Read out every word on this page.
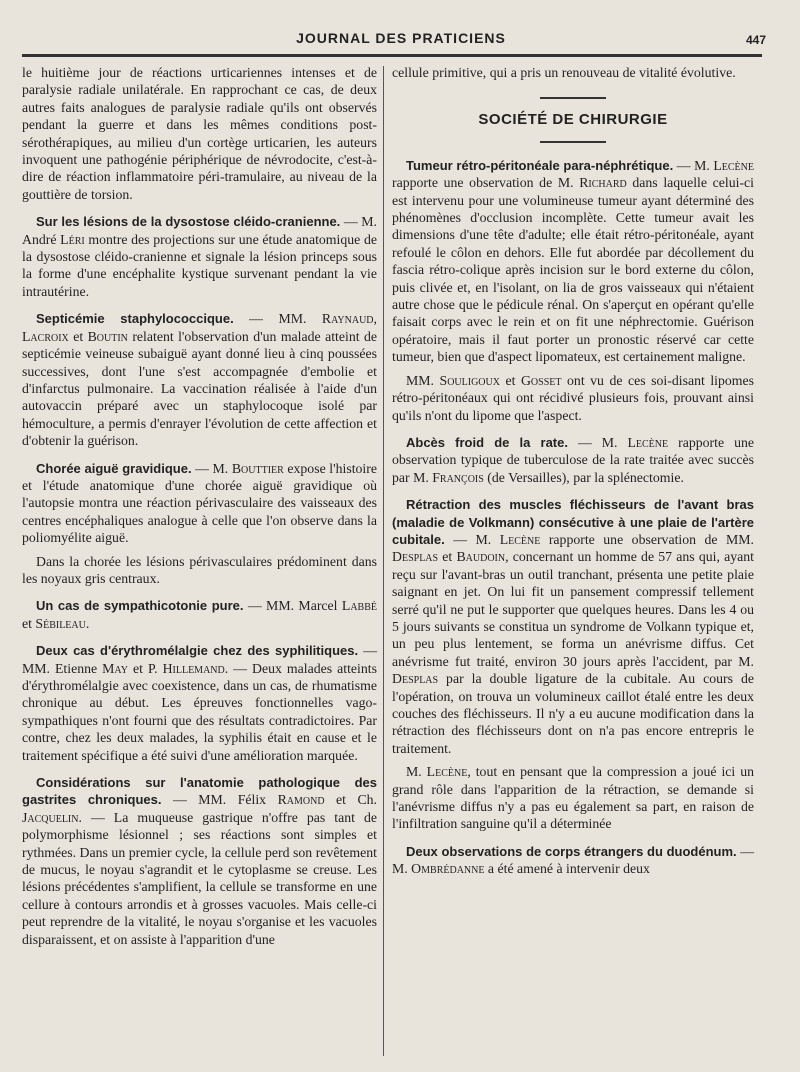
JOURNAL DES PRATICIENS	447

le huitième jour de réactions urticariennes intenses et de paralysie radiale unilatérale. En rapprochant ce cas, de deux autres faits analogues de paralysie radiale qu'ils ont observés pendant la guerre et dans les mêmes conditions post-sérothérapiques, au milieu d'un cortège urticarien, les auteurs invoquent une pathogénie périphérique de névrodocite, c'est-à-dire de réaction inflammatoire péri-tramulaire, au niveau de la gouttière de torsion.

Sur les lésions de la dysostose cléido-cranienne. — M. André Léri montre des projections sur une étude anatomique de la dysostose cléido-cranienne et signale la lésion princeps sous la forme d'une encéphalite kystique survenant pendant la vie intrautérine.

Septicémie staphylococcique. — MM. Raynaud, Lacroix et Boutin relatent l'observation d'un malade atteint de septicémie veineuse subaiguë ayant donné lieu à cinq poussées successives, dont l'une s'est accompagnée d'embolie et d'infarctus pulmonaire. La vaccination réalisée à l'aide d'un autovaccin préparé avec un staphylocoque isolé par hémoculture, a permis d'enrayer l'évolution de cette affection et d'obtenir la guérison.

Chorée aiguë gravidique. — M. Bouttier expose l'histoire et l'étude anatomique d'une chorée aiguë gravidique où l'autopsie montra une réaction périvasculaire des vaisseaux des centres encéphaliques analogue à celle que l'on observe dans la poliomyélite aiguë.

Dans la chorée les lésions périvasculaires prédominent dans les noyaux gris centraux.

Un cas de sympathicotonie pure. — MM. Marcel Labbé et Sébileau.

Deux cas d'érythromélalgie chez des syphilitiques. — MM. Etienne May et P. Hillemand. — Deux malades atteints d'érythromélalgie avec coexistence, dans un cas, de rhumatisme chronique au début. Les épreuves fonctionnelles vago-sympathiques n'ont fourni que des résultats contradictoires. Par contre, chez les deux malades, la syphilis était en cause et le traitement spécifique a été suivi d'une amélioration marquée.

Considérations sur l'anatomie pathologique des gastrites chroniques. — MM. Félix Ramond et Ch. Jacquelin. — La muqueuse gastrique n'offre pas tant de polymorphisme lésionnel ; ses réactions sont simples et rythmées. Dans un premier cycle, la cellule perd son revêtement de mucus, le noyau s'agrandit et le cytoplasme se creuse. Les lésions précédentes s'amplifient, la cellule se transforme en une cellure à contours arrondis et à grosses vacuoles. Mais celle-ci peut reprendre de la vitalité, le noyau s'organise et les vacuoles disparaissent, et on assiste à l'apparition d'une

cellule primitive, qui a pris un renouveau de vitalité évolutive.

SOCIÉTÉ DE CHIRURGIE

Tumeur rétro-péritonéale para-néphrétique. — M. Lecène rapporte une observation de M. Richard dans laquelle celui-ci est intervenu pour une volumineuse tumeur ayant déterminé des phénomènes d'occlusion incomplète. Cette tumeur avait les dimensions d'une tête d'adulte; elle était rétro-péritonéale, ayant refoulé le côlon en dehors. Elle fut abordée par décollement du fascia rétro-colique après incision sur le bord externe du côlon, puis clivée et, en l'isolant, on lia de gros vaisseaux qui n'étaient autre chose que le pédicule rénal. On s'aperçut en opérant qu'elle faisait corps avec le rein et on fit une néphrectomie. Guérison opératoire, mais il faut porter un pronostic réservé car cette tumeur, bien que d'aspect lipomateux, est certainement maligne.

MM. Souligoux et Gosset ont vu de ces soi-disant lipomes rétro-péritonéaux qui ont récidivé plusieurs fois, prouvant ainsi qu'ils n'ont du lipome que l'aspect.

Abcès froid de la rate. — M. Lecène rapporte une observation typique de tuberculose de la rate traitée avec succès par M. François (de Versailles), par la splénectomie.

Rétraction des muscles fléchisseurs de l'avant bras (maladie de Volkmann) consécutive à une plaie de l'artère cubitale. — M. Lecène rapporte une observation de MM. Desplas et Baudoin, concernant un homme de 57 ans qui, ayant reçu sur l'avant-bras un outil tranchant, présenta une petite plaie saignant en jet. On lui fit un pansement compressif tellement serré qu'il ne put le supporter que quelques heures. Dans les 4 ou 5 jours suivants se constitua un syndrome de Volkann typique et, un peu plus lentement, se forma un anévrisme diffus. Cet anévrisme fut traité, environ 30 jours après l'accident, par M. Desplas par la double ligature de la cubitale. Au cours de l'opération, on trouva un volumineux caillot étalé entre les deux couches des fléchisseurs. Il n'y a eu aucune modification dans la rétraction des fléchisseurs dont on n'a pas encore entrepris le traitement.

M. Lecène, tout en pensant que la compression a joué ici un grand rôle dans l'apparition de la rétraction, se demande si l'anévrisme diffus n'y a pas eu également sa part, en raison de l'infiltration sanguine qu'il a déterminée

Deux observations de corps étrangers du duodénum. — M. Ombrédanne a été amené à intervenir deux
